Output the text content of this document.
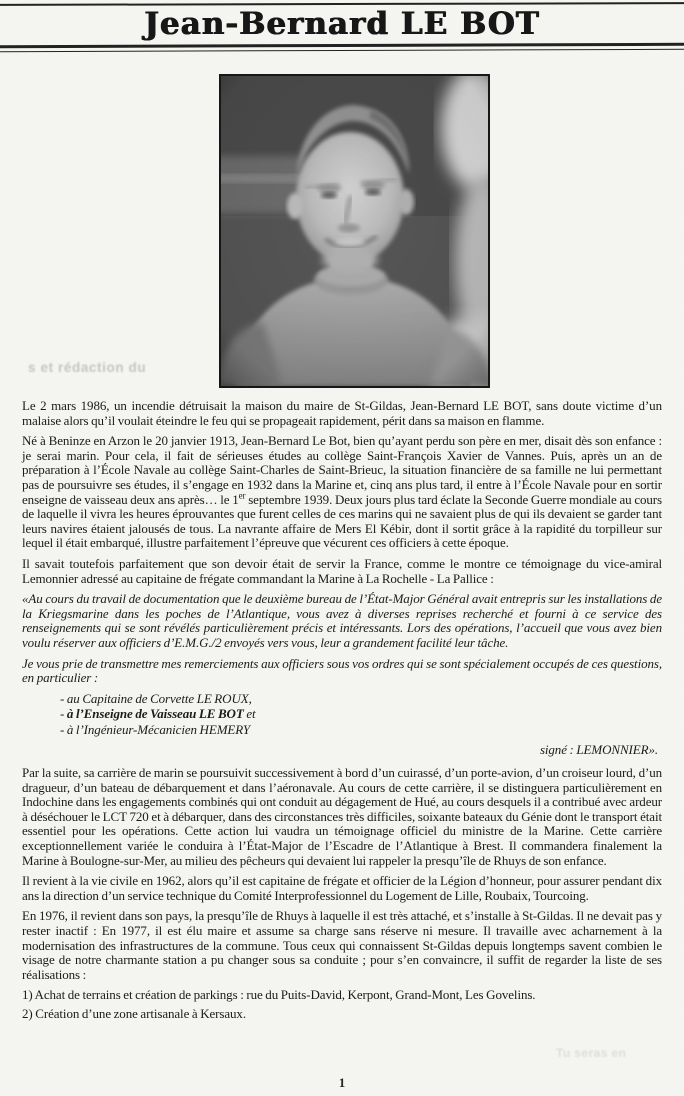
Jean-Bernard LE BOT
s et rédaction du
Tu seras en

Le 2 mars 1986, un incendie détruisait la maison du maire de St-Gildas, Jean-Bernard LE BOT, sans doute victime d’un malaise alors qu’il voulait éteindre le feu qui se propageait rapidement, périt dans sa maison en flamme.

Né à Beninze en Arzon le 20 janvier 1913, Jean-Bernard Le Bot, bien qu’ayant perdu son père en mer, disait dès son enfance : je serai marin. Pour cela, il fait de sérieuses études au collège Saint-François Xavier de Vannes. Puis, après un an de préparation à l’École Navale au collège Saint-Charles de Saint-Brieuc, la situation financière de sa famille ne lui permettant pas de poursuivre ses études, il s’engage en 1932 dans la Marine et, cinq ans plus tard, il entre à l’École Navale pour en sortir enseigne de vaisseau deux ans après… le 1er septembre 1939. Deux jours plus tard éclate la Seconde Guerre mondiale au cours de laquelle il vivra les heures éprouvantes que furent celles de ces marins qui ne savaient plus de qui ils devaient se garder tant leurs navires étaient jalousés de tous. La navrante affaire de Mers El Kébir, dont il sortit grâce à la rapidité du torpilleur sur lequel il était embarqué, illustre parfaitement l’épreuve que vécurent ces officiers à cette époque.

Il savait toutefois parfaitement que son devoir était de servir la France, comme le montre ce témoignage du vice-amiral Lemonnier adressé au capitaine de frégate commandant la Marine à La Rochelle - La Pallice :

«Au cours du travail de documentation que le deuxième bureau de l’État-Major Général avait entrepris sur les installations de la Kriegsmarine dans les poches de l’Atlantique, vous avez à diverses reprises recherché et fourni à ce service des renseignements qui se sont révélés particulièrement précis et intéressants. Lors des opérations, l’accueil que vous avez bien voulu réserver aux officiers d’E.M.G./2 envoyés vers vous, leur a grandement facilité leur tâche.

Je vous prie de transmettre mes remerciements aux officiers sous vos ordres qui se sont spécialement occupés de ces questions, en particulier :

- au Capitaine de Corvette LE ROUX,
- à l’Enseigne de Vaisseau LE BOT et
- à l’Ingénieur-Mécanicien HEMERY

signé : LEMONNIER».

Par la suite, sa carrière de marin se poursuivit successivement à bord d’un cuirassé, d’un porte-avion, d’un croiseur lourd, d’un dragueur, d’un bateau de débarquement et dans l’aéronavale. Au cours de cette carrière, il se distinguera particulièrement en Indochine dans les engagements combinés qui ont conduit au dégagement de Hué, au cours desquels il a contribué avec ardeur à déséchouer le LCT 720 et à débarquer, dans des circonstances très difficiles, soixante bateaux du Génie dont le transport était essentiel pour les opérations. Cette action lui vaudra un témoignage officiel du ministre de la Marine. Cette carrière exceptionnellement variée le conduira à l’État-Major de l’Escadre de l’Atlantique à Brest. Il commandera finalement la Marine à Boulogne-sur-Mer, au milieu des pêcheurs qui devaient lui rappeler la presqu’île de Rhuys de son enfance.

Il revient à la vie civile en 1962, alors qu’il est capitaine de frégate et officier de la Légion d’honneur, pour assurer pendant dix ans la direction d’un service technique du Comité Interprofessionnel du Logement de Lille, Roubaix, Tourcoing.

En 1976, il revient dans son pays, la presqu’île de Rhuys à laquelle il est très attaché, et s’installe à St-Gildas. Il ne devait pas y rester inactif : En 1977, il est élu maire et assume sa charge sans réserve ni mesure. Il travaille avec acharnement à la modernisation des infrastructures de la commune. Tous ceux qui connaissent St-Gildas depuis longtemps savent combien le visage de notre charmante station a pu changer sous sa conduite ; pour s’en convaincre, il suffit de regarder la liste de ses réalisations :

1) Achat de terrains et création de parkings : rue du Puits-David, Kerpont, Grand-Mont, Les Govelins.
2) Création d’une zone artisanale à Kersaux.
1
